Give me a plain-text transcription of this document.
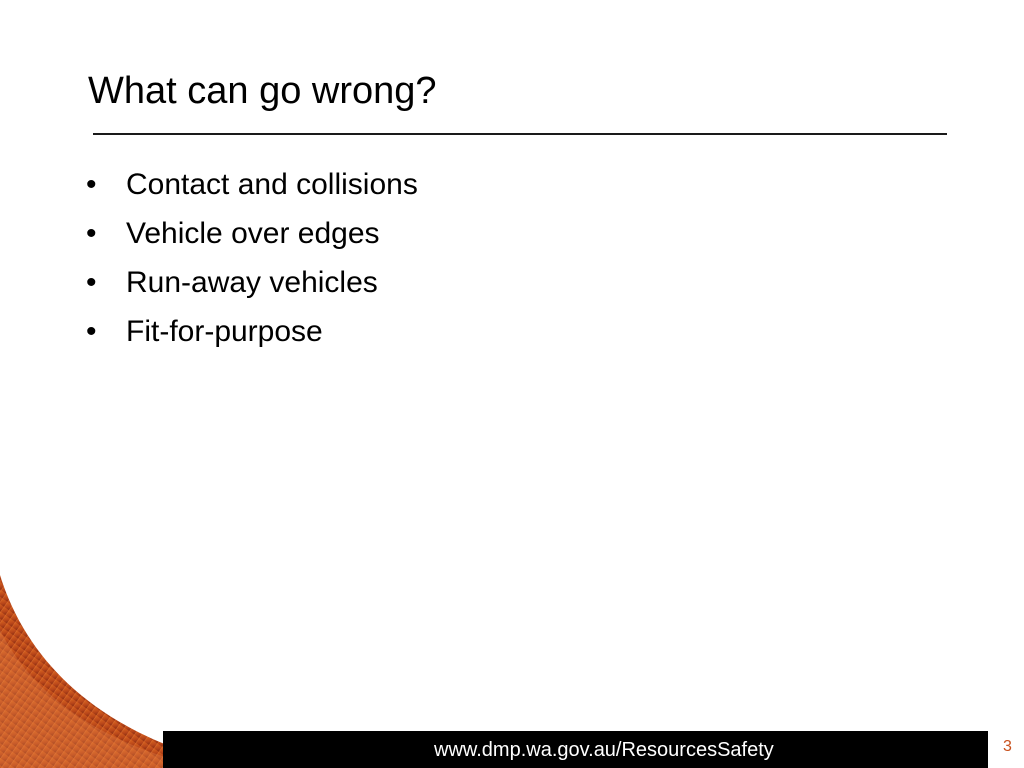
What can go wrong?
• Contact and collisions
• Vehicle over edges
• Run-away vehicles
• Fit-for-purpose
www.dmp.wa.gov.au/ResourcesSafety	3
